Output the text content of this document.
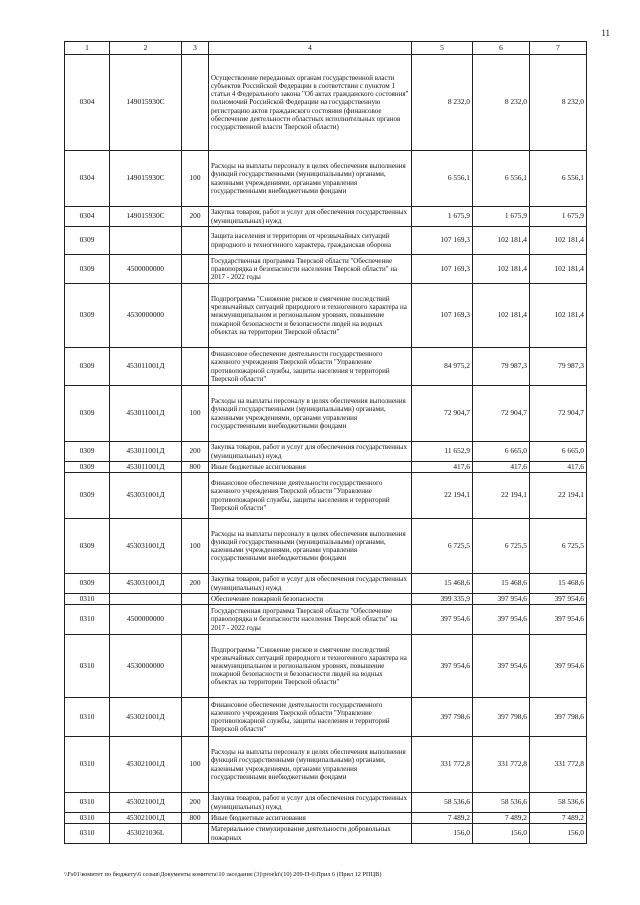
11
1	2	3	4	5	6	7
0304	149015930С		Осуществление переданных органам государственной власти субъектов Российской Федерации в соответствии с пунктом 1 статьи 4 Федерального закона "Об актах гражданского состояния" полномочий Российской Федерации на государственную регистрацию актов гражданского состояния (финансовое обеспечение деятельности областных исполнительных органов государственной власти Тверской области)	8 232,0	8 232,0	8 232,0
0304	149015930С	100	Расходы на выплаты персоналу в целях обеспечения выполнения функций государственными (муниципальными) органами, казенными учреждениями, органами управления государственными внебюджетными фондами	6 556,1	6 556,1	6 556,1
0304	149015930С	200	Закупка товаров, работ и услуг для обеспечения государственных (муниципальных) нужд	1 675,9	1 675,9	1 675,9
0309			Защита населения и территории от чрезвычайных ситуаций природного и техногенного характера, гражданская оборона	107 169,3	102 181,4	102 181,4
0309	4500000000		Государственная программа Тверской области "Обеспечение правопорядка и безопасности населения Тверской области" на 2017 - 2022 годы	107 169,3	102 181,4	102 181,4
0309	4530000000		Подпрограмма "Снижение рисков и смягчение последствий чрезвычайных ситуаций природного и техногенного характера на межмуниципальном и региональном уровнях, повышение пожарной безопасности и безопасности людей на водных объектах на территории Тверской области"	107 169,3	102 181,4	102 181,4
0309	453011001Д		Финансовое обеспечение деятельности государственного казенного учреждения Тверской области "Управление противопожарной службы, защиты населения и территорий Тверской области"	84 975,2	79 987,3	79 987,3
0309	453011001Д	100	Расходы на выплаты персоналу в целях обеспечения выполнения функций государственными (муниципальными) органами, казенными учреждениями, органами управления государственными внебюджетными фондами	72 904,7	72 904,7	72 904,7
0309	453011001Д	200	Закупка товаров, работ и услуг для обеспечения государственных (муниципальных) нужд	11 652,9	6 665,0	6 665,0
0309	453011001Д	800	Иные бюджетные ассигнования	417,6	417,6	417,6
0309	453031001Д		Финансовое обеспечение деятельности государственного казенного учреждения Тверской области "Управление противопожарной службы, защиты населения и территорий Тверской области"	22 194,1	22 194,1	22 194,1
0309	453031001Д	100	Расходы на выплаты персоналу в целях обеспечения выполнения функций государственными (муниципальными) органами, казенными учреждениями, органами управления государственными внебюджетными фондами	6 725,5	6 725,5	6 725,5
0309	453031001Д	200	Закупка товаров, работ и услуг для обеспечения государственных (муниципальных) нужд	15 468,6	15 468,6	15 468,6
0310			Обеспечение пожарной безопасности	399 335,9	397 954,6	397 954,6
0310	4500000000		Государственная программа Тверской области "Обеспечение правопорядка и безопасности населения Тверской области" на 2017 - 2022 годы	397 954,6	397 954,6	397 954,6
0310	4530000000		Подпрограмма "Снижение рисков и смягчение последствий чрезвычайных ситуаций природного и техногенного характера на межмуниципальном и региональном уровнях, повышение пожарной безопасности и безопасности людей на водных объектах на территории Тверской области"	397 954,6	397 954,6	397 954,6
0310	453021001Д		Финансовое обеспечение деятельности государственного казенного учреждения Тверской области "Управление противопожарной службы, защиты населения и территорий Тверской области"	397 798,6	397 798,6	397 798,6
0310	453021001Д	100	Расходы на выплаты персоналу в целях обеспечения выполнения функций государственными (муниципальными) органами, казенными учреждениями, органами управления государственными внебюджетными фондами	331 772,8	331 772,8	331 772,8
0310	453021001Д	200	Закупка товаров, работ и услуг для обеспечения государственных (муниципальных) нужд	58 536,6	58 536,6	58 536,6
0310	453021001Д	800	Иные бюджетные ассигнования	7 489,2	7 489,2	7 489,2
0310	453021036L		Материальное стимулирование деятельности добровольных пожарных	156,0	156,0	156,0
\\Fs01\комитет по бюджету\6 созыв\Документы комитета\10 заседание (3)\proekt\(10) 209-П-6\Прил 6 (Прил 12 РПЦВ)
